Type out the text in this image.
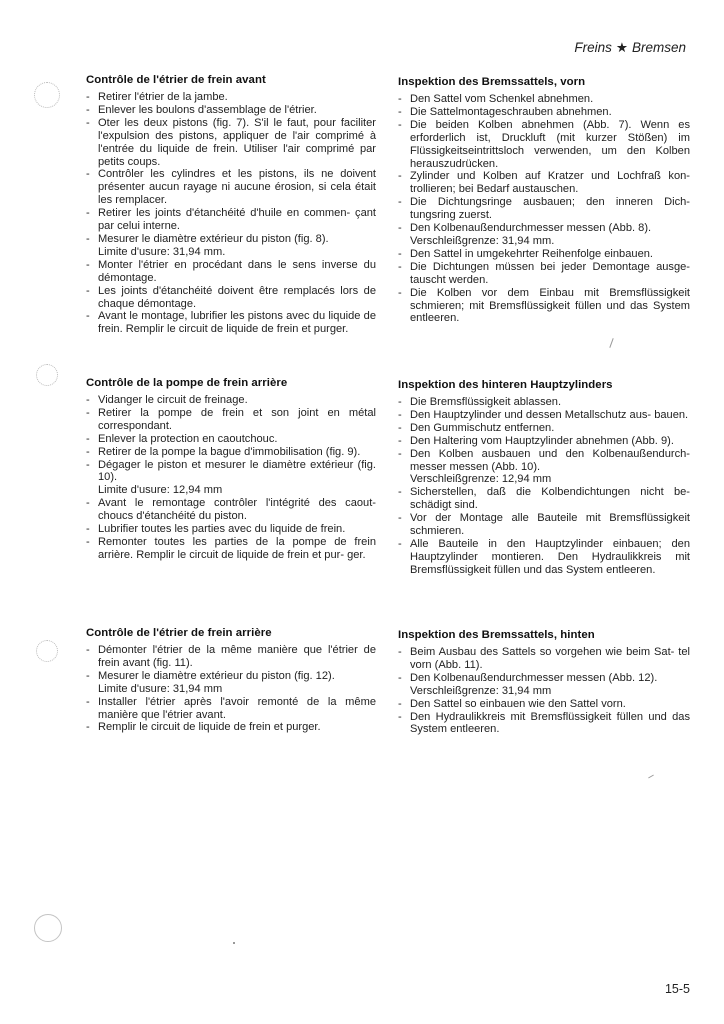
Freins ★ Bremsen
Contrôle de l'étrier de frein avant
- Retirer l'étrier de la jambe.
- Enlever les boulons d'assemblage de l'étrier.
- Oter les deux pistons (fig. 7). S'il le faut, pour faciliter l'expulsion des pistons, appliquer de l'air comprimé à l'entrée du liquide de frein. Utiliser l'air comprimé par petits coups.
- Contrôler les cylindres et les pistons, ils ne doivent présenter aucun rayage ni aucune érosion, si cela était les remplacer.
- Retirer les joints d'étanchéité d'huile en commen- çant par celui interne.
- Mesurer le diamètre extérieur du piston (fig. 8).
Limite d'usure: 31,94 mm.
- Monter l'étrier en procédant dans le sens inverse du démontage.
- Les joints d'étanchéité doivent être remplacés lors de chaque démontage.
- Avant le montage, lubrifier les pistons avec du liquide de frein. Remplir le circuit de liquide de frein et purger.
Contrôle de la pompe de frein arrière
- Vidanger le circuit de freinage.
- Retirer la pompe de frein et son joint en métal correspondant.
- Enlever la protection en caoutchouc.
- Retirer de la pompe la bague d'immobilisation (fig. 9).
- Dégager le piston et mesurer le diamètre extérieur (fig. 10).
Limite d'usure: 12,94 mm
- Avant le remontage contrôler l'intégrité des caout- choucs d'étanchéité du piston.
- Lubrifier toutes les parties avec du liquide de frein.
- Remonter toutes les parties de la pompe de frein arrière. Remplir le circuit de liquide de frein et pur- ger.
Contrôle de l'étrier de frein arrière
- Démonter l'étrier de la même manière que l'étrier de frein avant (fig. 11).
- Mesurer le diamètre extérieur du piston (fig. 12).
Limite d'usure: 31,94 mm
- Installer l'étrier après l'avoir remonté de la même manière que l'étrier avant.
- Remplir le circuit de liquide de frein et purger.
Inspektion des Bremssattels, vorn
- Den Sattel vom Schenkel abnehmen.
- Die Sattelmontageschrauben abnehmen.
- Die beiden Kolben abnehmen (Abb. 7). Wenn es erforderlich ist, Druckluft (mit kurzer Stößen) im Flüssigkeitseintrittsloch verwenden, um den Kolben herauszudrücken.
- Zylinder und Kolben auf Kratzer und Lochfraß kon- trollieren; bei Bedarf austauschen.
- Die Dichtungsringe ausbauen; den inneren Dich- tungsring zuerst.
- Den Kolbenaußendurchmesser messen (Abb. 8).
Verschleißgrenze: 31,94 mm.
- Den Sattel in umgekehrter Reihenfolge einbauen.
- Die Dichtungen müssen bei jeder Demontage ausge- tauscht werden.
- Die Kolben vor dem Einbau mit Bremsflüssigkeit schmieren; mit Bremsflüssigkeit füllen und das System entleeren.
Inspektion des hinteren Hauptzylinders
- Die Bremsflüssigkeit ablassen.
- Den Hauptzylinder und dessen Metallschutz aus- bauen.
- Den Gummischutz entfernen.
- Den Haltering vom Hauptzylinder abnehmen (Abb. 9).
- Den Kolben ausbauen und den Kolbenaußendurch- messer messen (Abb. 10).
Verschleißgrenze: 12,94 mm
- Sicherstellen, daß die Kolbendichtungen nicht be- schädigt sind.
- Vor der Montage alle Bauteile mit Bremsflüssigkeit schmieren.
- Alle Bauteile in den Hauptzylinder einbauen; den Hauptzylinder montieren. Den Hydraulikkreis mit Bremsflüssigkeit füllen und das System entleeren.
Inspektion des Bremssattels, hinten
- Beim Ausbau des Sattels so vorgehen wie beim Sat- tel vorn (Abb. 11).
- Den Kolbenaußendurchmesser messen (Abb. 12).
Verschleißgrenze: 31,94 mm
- Den Sattel so einbauen wie den Sattel vorn.
- Den Hydraulikkreis mit Bremsflüssigkeit füllen und das System entleeren.
15-5
